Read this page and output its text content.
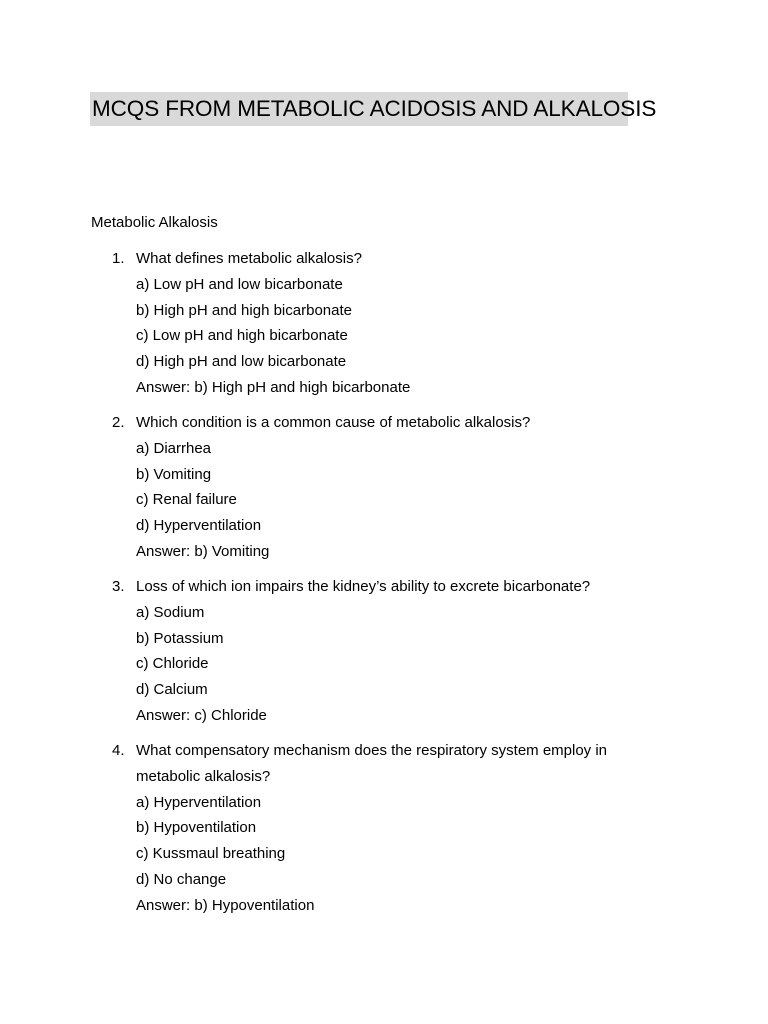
MCQS FROM METABOLIC ACIDOSIS AND ALKALOSIS
Metabolic Alkalosis
1. What defines metabolic alkalosis?
a) Low pH and low bicarbonate
b) High pH and high bicarbonate
c) Low pH and high bicarbonate
d) High pH and low bicarbonate
Answer: b) High pH and high bicarbonate
2. Which condition is a common cause of metabolic alkalosis?
a) Diarrhea
b) Vomiting
c) Renal failure
d) Hyperventilation
Answer: b) Vomiting
3. Loss of which ion impairs the kidney’s ability to excrete bicarbonate?
a) Sodium
b) Potassium
c) Chloride
d) Calcium
Answer: c) Chloride
4. What compensatory mechanism does the respiratory system employ in
metabolic alkalosis?
a) Hyperventilation
b) Hypoventilation
c) Kussmaul breathing
d) No change
Answer: b) Hypoventilation
